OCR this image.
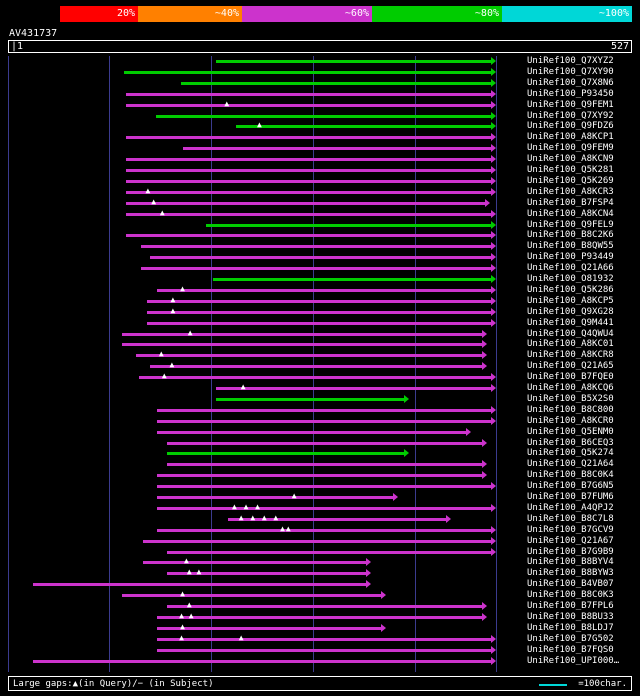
20%	~40%	~60%	~80%	~100%
AV431737
|1	527
UniRef100_Q7XYZ2
UniRef100_Q7XY90
UniRef100_Q7X8N6
UniRef100_P93450
▲	UniRef100_Q9FEM1
UniRef100_Q7XY92
▲	UniRef100_Q9FDZ6
UniRef100_A8KCP1
UniRef100_Q9FEM9
UniRef100_A8KCN9
UniRef100_Q5K281
UniRef100_Q5K269
▲	UniRef100_A8KCR3
▲	UniRef100_B7FSP4
▲	UniRef100_A8KCN4
UniRef100_Q9FEL9
UniRef100_B8C2K6
UniRef100_B8QW55
UniRef100_P93449
UniRef100_Q21A66
UniRef100_O81932
▲	UniRef100_Q5K286
▲	UniRef100_A8KCP5
▲	UniRef100_Q9XG28
UniRef100_Q9M441
▲	UniRef100_Q4QWU4
UniRef100_A8KC01
▲	UniRef100_A8KCR8
▲	UniRef100_Q21A65
▲	UniRef100_B7FQE0
▲	UniRef100_A8KCQ6
UniRef100_B5X2S0
UniRef100_B8C800
UniRef100_A8KCR0
UniRef100_Q5ENM0
UniRef100_B6CEQ3
UniRef100_Q5K274
UniRef100_Q21A64
UniRef100_B8C0K4
UniRef100_B7G6N5
▲	UniRef100_B7FUM6
▲ ▲ ▲	UniRef100_A4QPJ2
▲ ▲ ▲ ▲	UniRef100_B8C7L8
▲ ▲	UniRef100_B7GCV9
UniRef100_Q21A67
UniRef100_B7G9B9
▲	UniRef100_B8BYV4
▲ ▲	UniRef100_B8BYW3
UniRef100_B4VB07
▲	UniRef100_B8C0K3
▲	UniRef100_B7FPL6
▲ ▲	UniRef100_B8BU33
▲	UniRef100_B8LDJ7
▲	▲	UniRef100_B7G502
UniRef100_B7FQS0
UniRef100_UPI000…
Large gaps:▲(in Query)/− (in Subject)	=100char.
